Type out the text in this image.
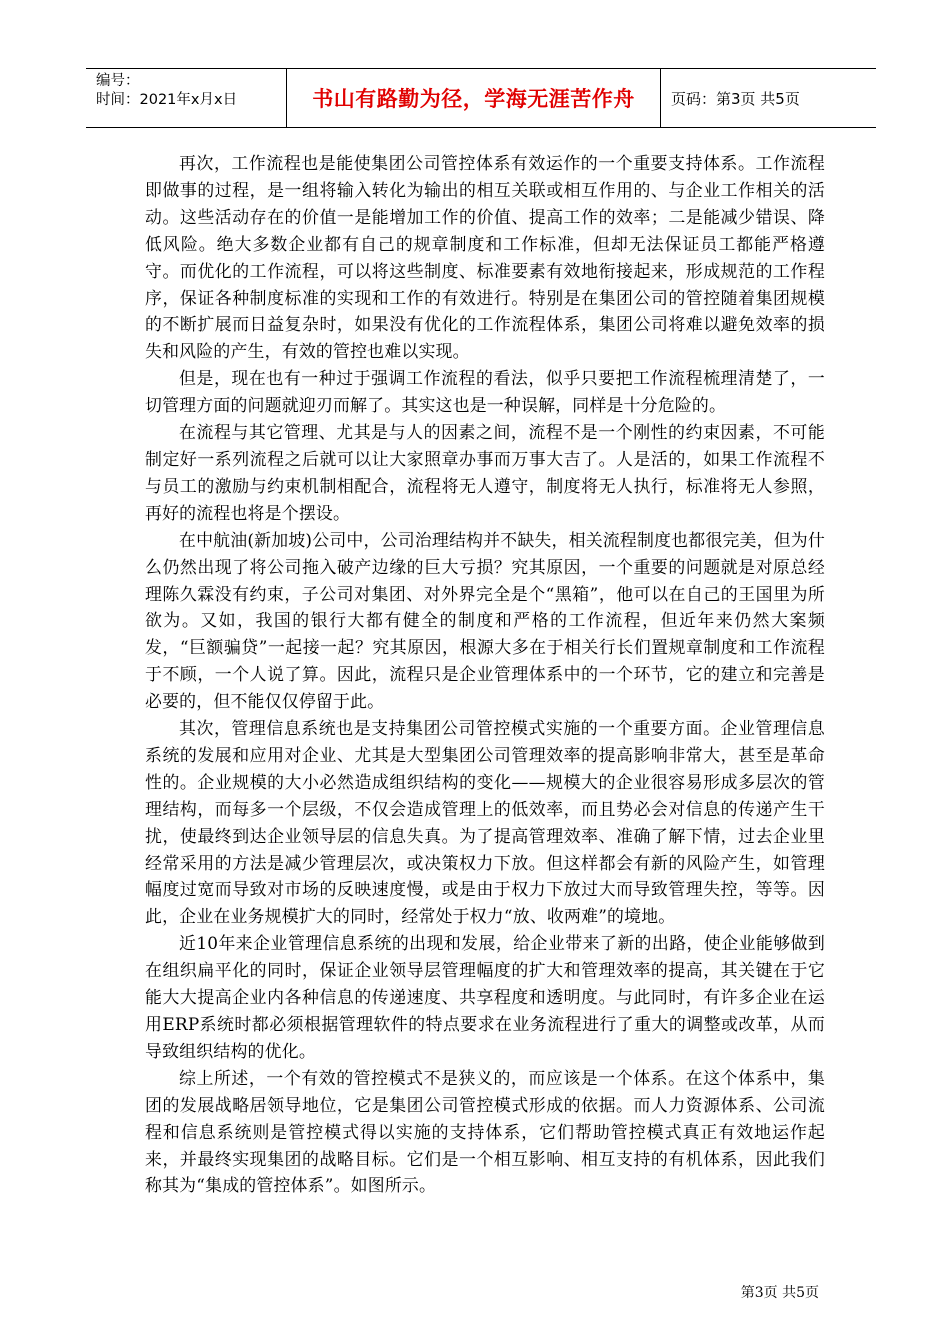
编号：
时间：2021年x月x日	书山有路勤为径，学海无涯苦作舟	页码：第3页 共5页

再次，工作流程也是能使集团公司管控体系有效运作的一个重要支持体系。工作流程即做事的过程，是一组将输入转化为输出的相互关联或相互作用的、与企业工作相关的活动。这些活动存在的价值一是能增加工作的价值、提高工作的效率；二是能减少错误、降低风险。绝大多数企业都有自己的规章制度和工作标准，但却无法保证员工都能严格遵守。而优化的工作流程，可以将这些制度、标准要素有效地衔接起来，形成规范的工作程序，保证各种制度标准的实现和工作的有效进行。特别是在集团公司的管控随着集团规模的不断扩展而日益复杂时，如果没有优化的工作流程体系，集团公司将难以避免效率的损失和风险的产生，有效的管控也难以实现。

但是，现在也有一种过于强调工作流程的看法，似乎只要把工作流程梳理清楚了，一切管理方面的问题就迎刃而解了。其实这也是一种误解，同样是十分危险的。

在流程与其它管理、尤其是与人的因素之间，流程不是一个刚性的约束因素，不可能制定好一系列流程之后就可以让大家照章办事而万事大吉了。人是活的，如果工作流程不与员工的激励与约束机制相配合，流程将无人遵守，制度将无人执行，标准将无人参照，再好的流程也将是个摆设。

在中航油(新加坡)公司中，公司治理结构并不缺失，相关流程制度也都很完美，但为什么仍然出现了将公司拖入破产边缘的巨大亏损？究其原因，一个重要的问题就是对原总经理陈久霖没有约束，子公司对集团、对外界完全是个“黑箱”，他可以在自己的王国里为所欲为。又如，我国的银行大都有健全的制度和严格的工作流程，但近年来仍然大案频发，“巨额骗贷”一起接一起？究其原因，根源大多在于相关行长们置规章制度和工作流程于不顾，一个人说了算。因此，流程只是企业管理体系中的一个环节，它的建立和完善是必要的，但不能仅仅停留于此。

其次，管理信息系统也是支持集团公司管控模式实施的一个重要方面。企业管理信息系统的发展和应用对企业、尤其是大型集团公司管理效率的提高影响非常大，甚至是革命性的。企业规模的大小必然造成组织结构的变化——规模大的企业很容易形成多层次的管理结构，而每多一个层级，不仅会造成管理上的低效率，而且势必会对信息的传递产生干扰，使最终到达企业领导层的信息失真。为了提高管理效率、准确了解下情，过去企业里经常采用的方法是减少管理层次，或决策权力下放。但这样都会有新的风险产生，如管理幅度过宽而导致对市场的反映速度慢，或是由于权力下放过大而导致管理失控，等等。因此，企业在业务规模扩大的同时，经常处于权力“放、收两难”的境地。

近10年来企业管理信息系统的出现和发展，给企业带来了新的出路，使企业能够做到在组织扁平化的同时，保证企业领导层管理幅度的扩大和管理效率的提高，其关键在于它能大大提高企业内各种信息的传递速度、共享程度和透明度。与此同时，有许多企业在运用ERP系统时都必须根据管理软件的特点要求在业务流程进行了重大的调整或改革，从而导致组织结构的优化。

综上所述，一个有效的管控模式不是狭义的，而应该是一个体系。在这个体系中，集团的发展战略居领导地位，它是集团公司管控模式形成的依据。而人力资源体系、公司流程和信息系统则是管控模式得以实施的支持体系，它们帮助管控模式真正有效地运作起来，并最终实现集团的战略目标。它们是一个相互影响、相互支持的有机体系，因此我们称其为“集成的管控体系”。如图所示。

第3页 共5页
